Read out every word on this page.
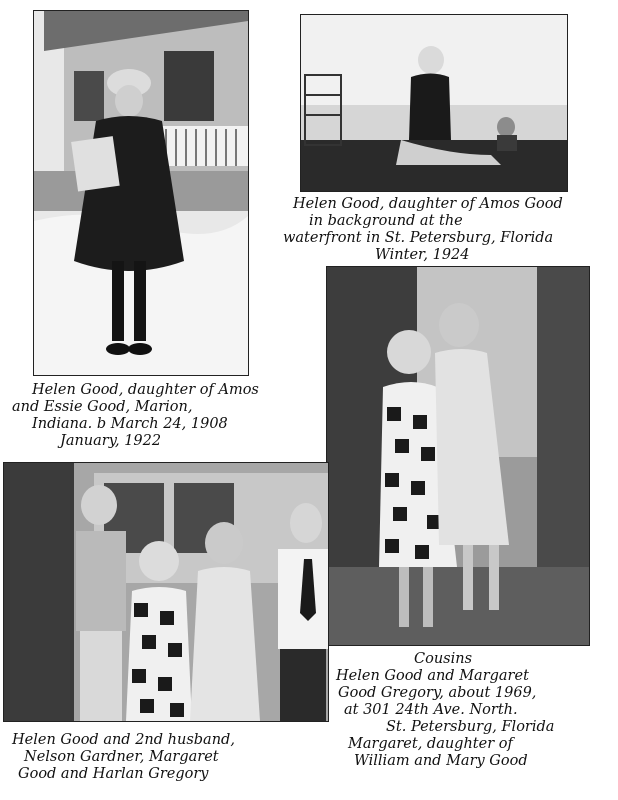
Helen Good, daughter of Amos
and Essie Good, Marion,
Indiana. b March 24, 1908
January, 1922
Helen Good, daughter of Amos Good
in background at the
waterfront in St. Petersburg, Florida
Winter, 1924
Cousins
Helen Good and Margaret
Good Gregory, about 1969,
at 301 24th Ave. North.
St. Petersburg, Florida
Margaret, daughter of
William and Mary Good
Helen Good and 2nd husband,
Nelson Gardner, Margaret
Good and Harlan Gregory
